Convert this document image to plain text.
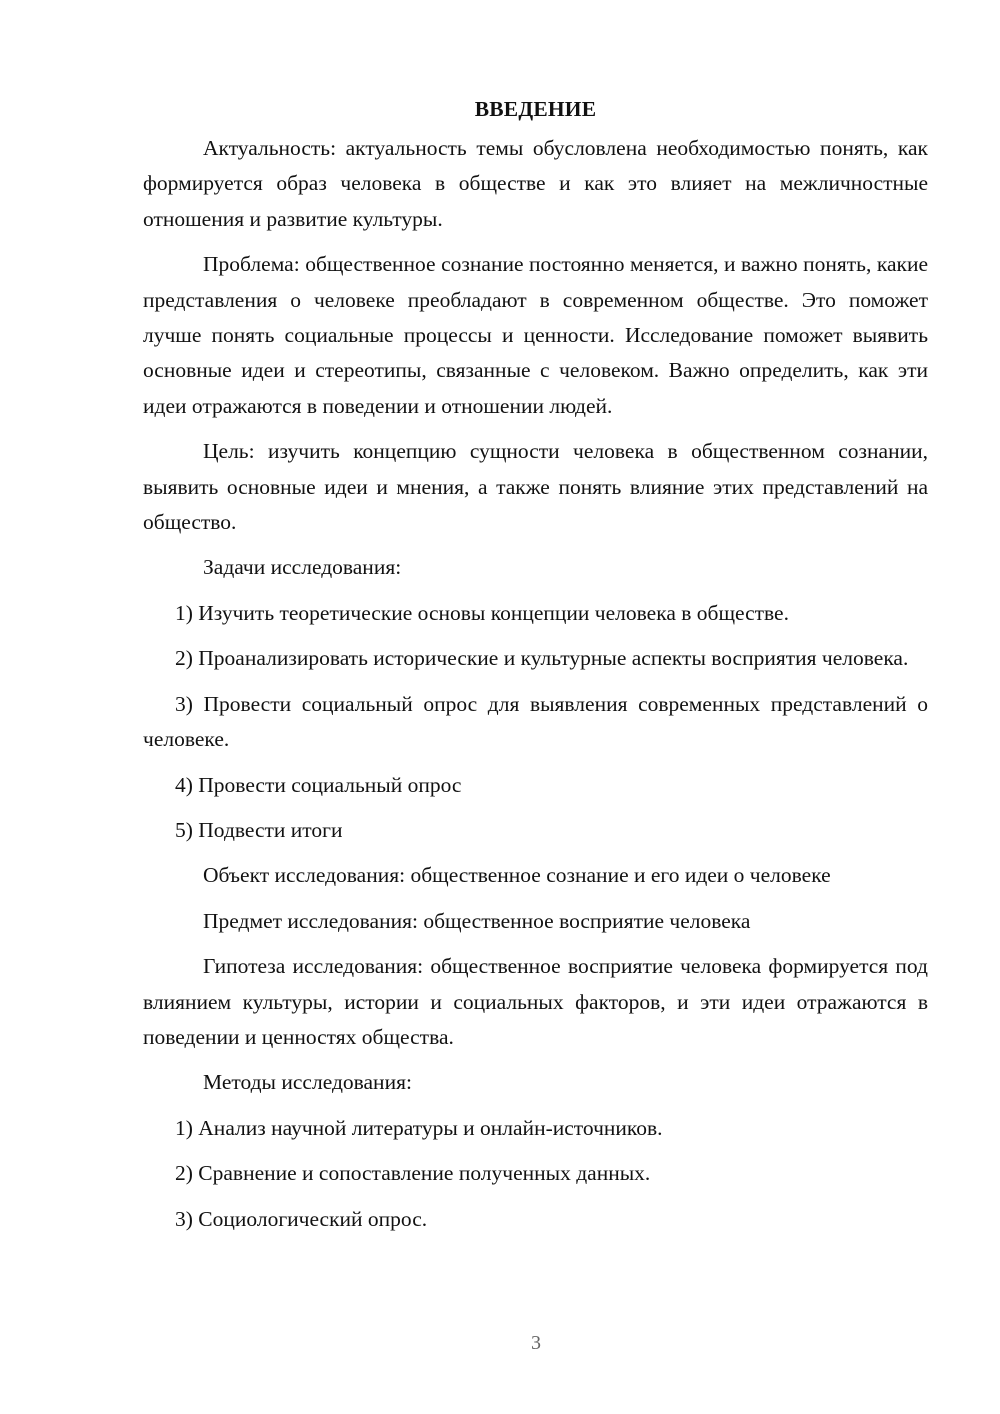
ВВЕДЕНИЕ

Актуальность: актуальность темы обусловлена необходимостью понять, как формируется образ человека в обществе и как это влияет на межличностные отношения и развитие культуры.

Проблема: общественное сознание постоянно меняется, и важно понять, какие представления о человеке преобладают в современном обществе. Это поможет лучше понять социальные процессы и ценности. Исследование поможет выявить основные идеи и стереотипы, связанные с человеком. Важно определить, как эти идеи отражаются в поведении и отношении людей.

Цель: изучить концепцию сущности человека в общественном сознании, выявить основные идеи и мнения, а также понять влияние этих представлений на общество.

Задачи исследования:

1) Изучить теоретические основы концепции человека в обществе.

2) Проанализировать исторические и культурные аспекты восприятия человека.

3) Провести социальный опрос для выявления современных представлений о человеке.

4) Провести социальный опрос

5) Подвести итоги

Объект исследования: общественное сознание и его идеи о человеке

Предмет исследования: общественное восприятие человека

Гипотеза исследования: общественное восприятие человека формируется под влиянием культуры, истории и социальных факторов, и эти идеи отражаются в поведении и ценностях общества.

Методы исследования:

1) Анализ научной литературы и онлайн-источников.

2) Сравнение и сопоставление полученных данных.

3) Социологический опрос.

3
